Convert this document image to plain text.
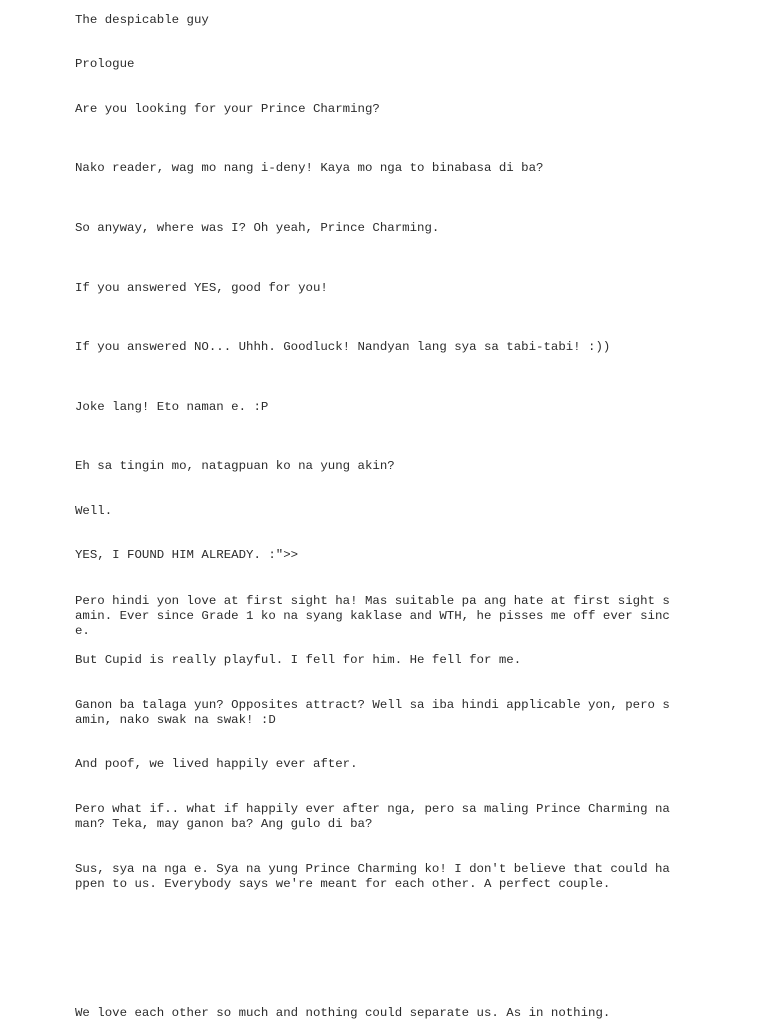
The despicable guy

Prologue

Are you looking for your Prince Charming?

Nako reader, wag mo nang i-deny! Kaya mo nga to binabasa di ba?

So anyway, where was I? Oh yeah, Prince Charming.

If you answered YES, good for you!

If you answered NO... Uhhh. Goodluck! Nandyan lang sya sa tabi-tabi! :))

Joke lang! Eto naman e. :P

Eh sa tingin mo, natagpuan ko na yung akin?

Well.

YES, I FOUND HIM ALREADY. :">>

Pero hindi yon love at first sight ha! Mas suitable pa ang hate at first sight s

amin. Ever since Grade 1 ko na syang kaklase and WTH, he pisses me off ever sinc

e.

But Cupid is really playful. I fell for him. He fell for me.

Ganon ba talaga yun? Opposites attract? Well sa iba hindi applicable yon, pero s

amin, nako swak na swak! :D

And poof, we lived happily ever after.

Pero what if.. what if happily ever after nga, pero sa maling Prince Charming na

man? Teka, may ganon ba? Ang gulo di ba?

Sus, sya na nga e. Sya na yung Prince Charming ko! I don't believe that could ha

ppen to us. Everybody says we're meant for each other. A perfect couple.

We love each other so much and nothing could separate us. As in nothing.
